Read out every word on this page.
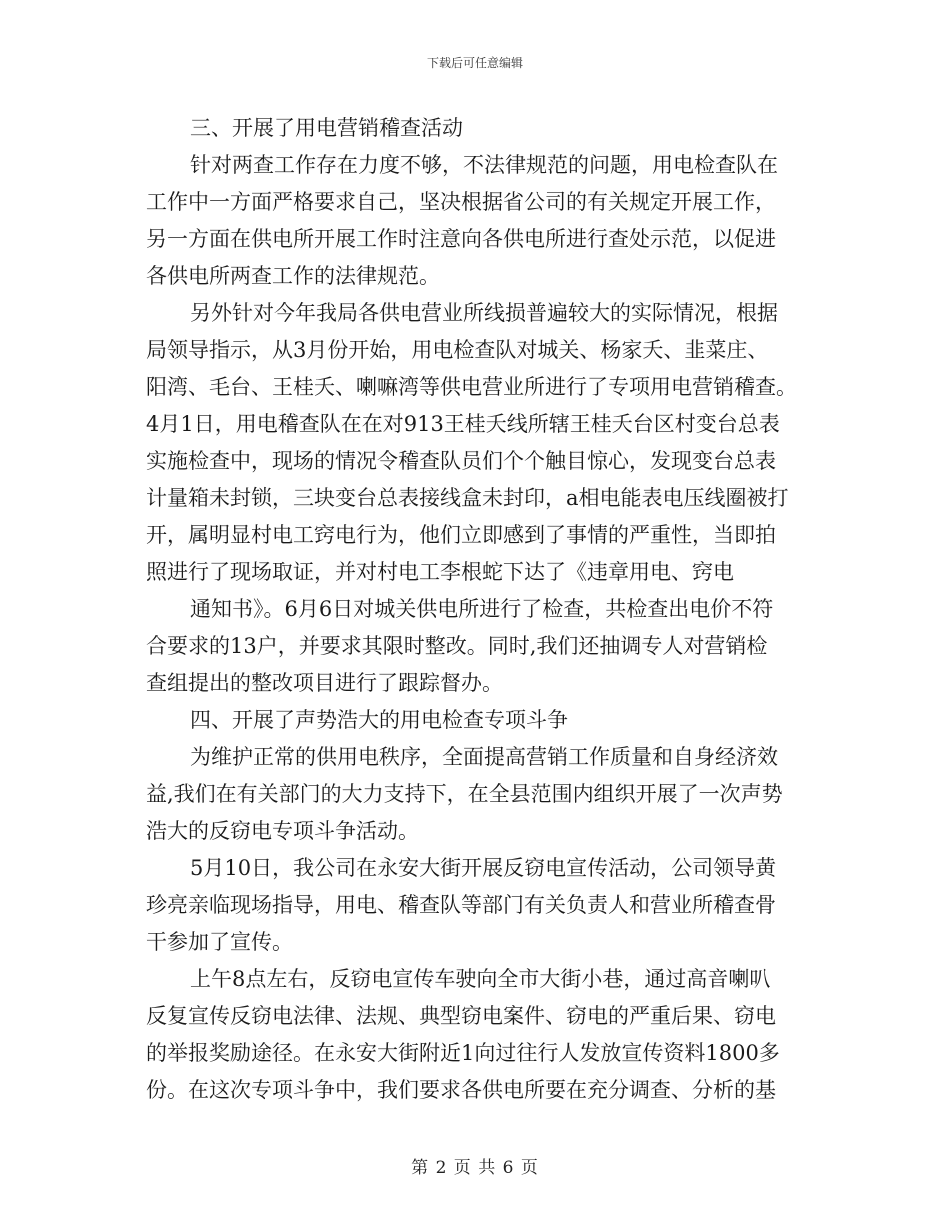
下载后可任意编辑
三、开展了用电营销稽查活动
针对两查工作存在力度不够，不法律规范的问题，用电检查队在
工作中一方面严格要求自己，坚决根据省公司的有关规定开展工作，
另一方面在供电所开展工作时注意向各供电所进行查处示范，以促进
各供电所两查工作的法律规范。
另外针对今年我局各供电营业所线损普遍较大的实际情况，根据
局领导指示，从3月份开始，用电检查队对城关、杨家夭、韭菜庄、
阳湾、毛台、王桂夭、喇嘛湾等供电营业所进行了专项用电营销稽查。
4月1日，用电稽查队在在对913王桂夭线所辖王桂夭台区村变台总表
实施检查中，现场的情况令稽查队员们个个触目惊心，发现变台总表
计量箱未封锁，三块变台总表接线盒未封印，a相电能表电压线圈被打
开，属明显村电工窍电行为，他们立即感到了事情的严重性，当即拍
照进行了现场取证，并对村电工李根蛇下达了《违章用电、窍电
通知书》。6月6日对城关供电所进行了检查，共检查出电价不符
合要求的13户，并要求其限时整改。同时,我们还抽调专人对营销检
查组提出的整改项目进行了跟踪督办。
四、开展了声势浩大的用电检查专项斗争
为维护正常的供用电秩序，全面提高营销工作质量和自身经济效
益,我们在有关部门的大力支持下，在全县范围内组织开展了一次声势
浩大的反窃电专项斗争活动。
5月10日，我公司在永安大街开展反窃电宣传活动，公司领导黄
珍亮亲临现场指导，用电、稽查队等部门有关负责人和营业所稽查骨
干参加了宣传。
上午8点左右，反窃电宣传车驶向全市大街小巷，通过高音喇叭
反复宣传反窃电法律、法规、典型窃电案件、窃电的严重后果、窃电
的举报奖励途径。在永安大街附近1向过往行人发放宣传资料1800多
份。在这次专项斗争中，我们要求各供电所要在充分调查、分析的基
第 2 页 共 6 页
